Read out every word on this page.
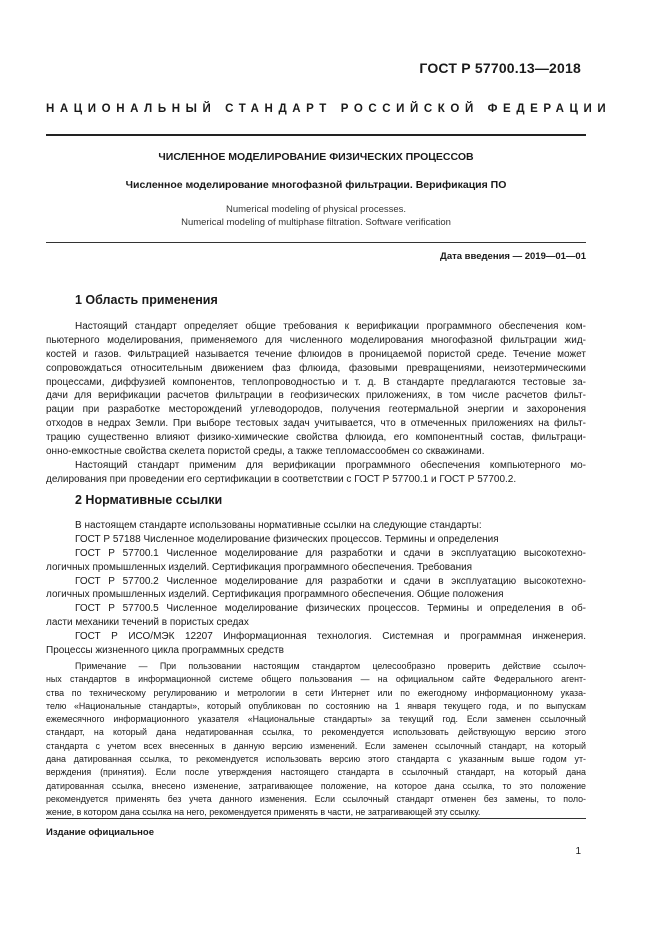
ГОСТ Р 57700.13—2018
НАЦИОНАЛЬНЫЙ СТАНДАРТ РОССИЙСКОЙ ФЕДЕРАЦИИ
ЧИСЛЕННОЕ МОДЕЛИРОВАНИЕ ФИЗИЧЕСКИХ ПРОЦЕССОВ
Численное моделирование многофазной фильтрации. Верификация ПО
Numerical modeling of physical processes.
Numerical modeling of multiphase filtration. Software verification
Дата введения — 2019—01—01
1 Область применения
Настоящий стандарт определяет общие требования к верификации программного обеспечения ком-
пьютерного моделирования, применяемого для численного моделирования многофазной фильтрации жид-
костей и газов. Фильтрацией называется течение флюидов в проницаемой пористой среде. Течение может
сопровождаться относительным движением фаз флюида, фазовыми превращениями, неизотермическими
процессами, диффузией компонентов, теплопроводностью и т. д. В стандарте предлагаются тестовые за-
дачи для верификации расчетов фильтрации в геофизических приложениях, в том числе расчетов фильт-
рации при разработке месторождений углеводородов, получения геотермальной энергии и захоронения
отходов в недрах Земли. При выборе тестовых задач учитывается, что в отмеченных приложениях на фильт-
трацию существенно влияют физико-химические свойства флюида, его компонентный состав, фильтраци-
онно-емкостные свойства скелета пористой среды, а также тепломассообмен со скважинами.
Настоящий стандарт применим для верификации программного обеспечения компьютерного мо-
делирования при проведении его сертификации в соответствии с ГОСТ Р 57700.1 и ГОСТ Р 57700.2.
2 Нормативные ссылки
В настоящем стандарте использованы нормативные ссылки на следующие стандарты:
ГОСТ Р 57188 Численное моделирование физических процессов. Термины и определения
ГОСТ Р 57700.1 Численное моделирование для разработки и сдачи в эксплуатацию высокотехно-
логичных промышленных изделий. Сертификация программного обеспечения. Требования
ГОСТ Р 57700.2 Численное моделирование для разработки и сдачи в эксплуатацию высокотехно-
логичных промышленных изделий. Сертификация программного обеспечения. Общие положения
ГОСТ Р 57700.5 Численное моделирование физических процессов. Термины и определения в об-
ласти механики течений в пористых средах
ГОСТ Р ИСО/МЭК 12207 Информационная технология. Системная и программная инженерия.
Процессы жизненного цикла программных средств
Примечание — При пользовании настоящим стандартом целесообразно проверить действие ссылоч-
ных стандартов в информационной системе общего пользования — на официальном сайте Федерального агент-
ства по техническому регулированию и метрологии в сети Интернет или по ежегодному информационному указа-
телю «Национальные стандарты», который опубликован по состоянию на 1 января текущего года, и по выпускам
ежемесячного информационного указателя «Национальные стандарты» за текущий год. Если заменен ссылочный
стандарт, на который дана недатированная ссылка, то рекомендуется использовать действующую версию этого
стандарта с учетом всех внесенных в данную версию изменений. Если заменен ссылочный стандарт, на который
дана датированная ссылка, то рекомендуется использовать версию этого стандарта с указанным выше годом ут-
верждения (принятия). Если после утверждения настоящего стандарта в ссылочный стандарт, на который дана
датированная ссылка, внесено изменение, затрагивающее положение, на которое дана ссылка, то это положение
рекомендуется применять без учета данного изменения. Если ссылочный стандарт отменен без замены, то поло-
жение, в котором дана ссылка на него, рекомендуется применять в части, не затрагивающей эту ссылку.
Издание официальное
1
